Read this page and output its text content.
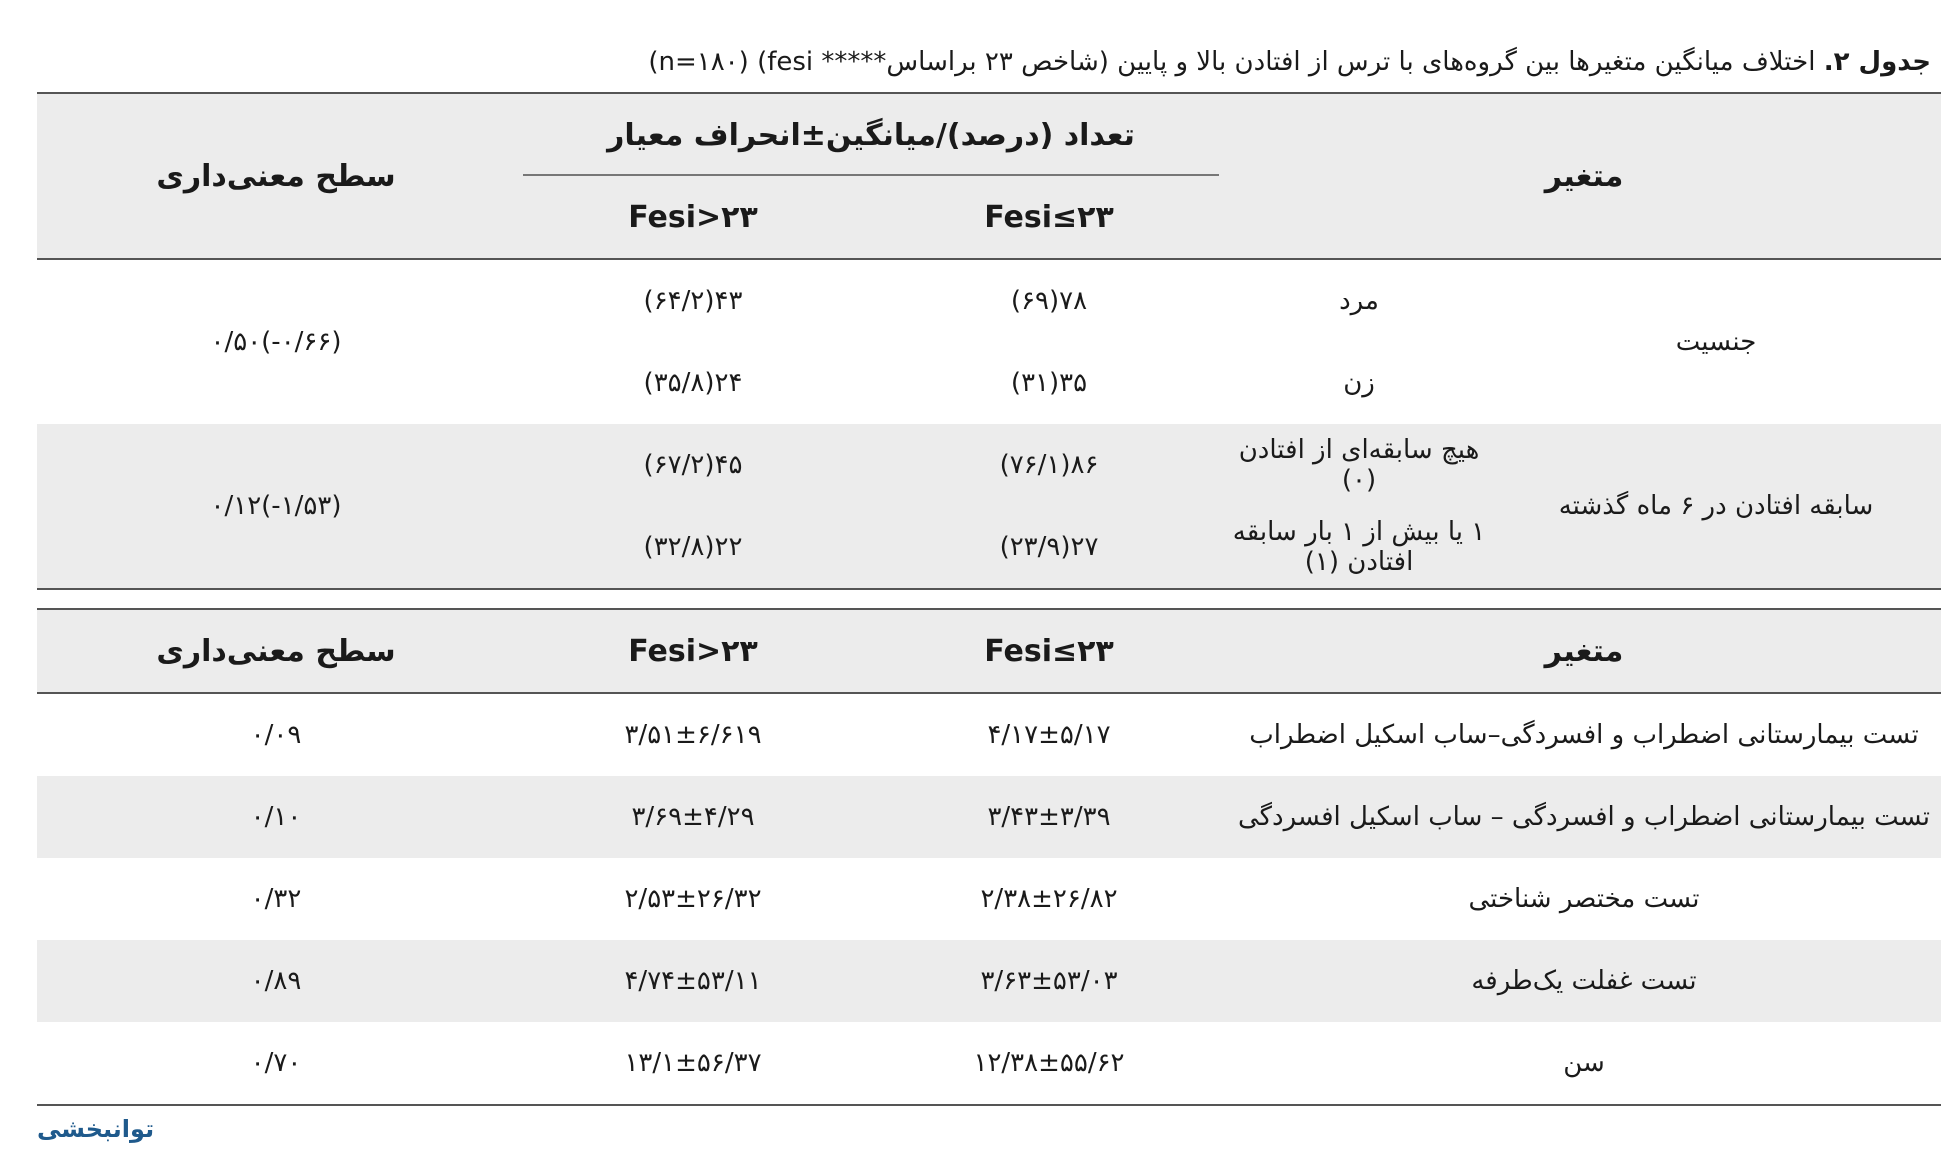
جدول ۲. اختلاف میانگین متغیرها بین گروه‌های با ترس از افتادن بالا و پایین (شاخص ۲۳ براساس***** fesi) (n=۱۸۰)
متغیر		تعداد (درصد)/میانگین±انحراف معیار		سطح معنی‌داری
		۲۳≥Fesi	۲۳<Fesi	
جنسیت	مرد	۷۸(۶۹)	۴۳(۶۴/۲)	(۰/۶۶-)۰/۵۰
	زن	۳۵(۳۱)	۲۴(۳۵/۸)	
سابقه افتادن در ۶ ماه گذشته	هیچ سابقه‌ای از افتادن (۰)	۸۶(۷۶/۱)	۴۵(۶۷/۲)	(۱/۵۳-)۰/۱۲
	۱ یا بیش از ۱ بار سابقه افتادن (۱)	۲۷(۲۳/۹)	۲۲(۳۲/۸)	
متغیر	۲۳≥Fesi	۲۳<Fesi	سطح معنی‌داری
تست بیمارستانی اضطراب و افسردگی–ساب اسکیل اضطراب	۴/۱۷±۵/۱۷	۳/۵۱±۶/۶۱۹	۰/۰۹
تست بیمارستانی اضطراب و افسردگی – ساب اسکیل افسردگی	۳/۴۳±۳/۳۹	۳/۶۹±۴/۲۹	۰/۱۰
تست مختصر شناختی	۲/۳۸±۲۶/۸۲	۲/۵۳±۲۶/۳۲	۰/۳۲
تست غفلت یک‌طرفه	۳/۶۳±۵۳/۰۳	۴/۷۴±۵۳/۱۱	۰/۸۹
سن	۱۲/۳۸±۵۵/۶۲	۱۳/۱±۵۶/۳۷	۰/۷۰
توانبخشی
